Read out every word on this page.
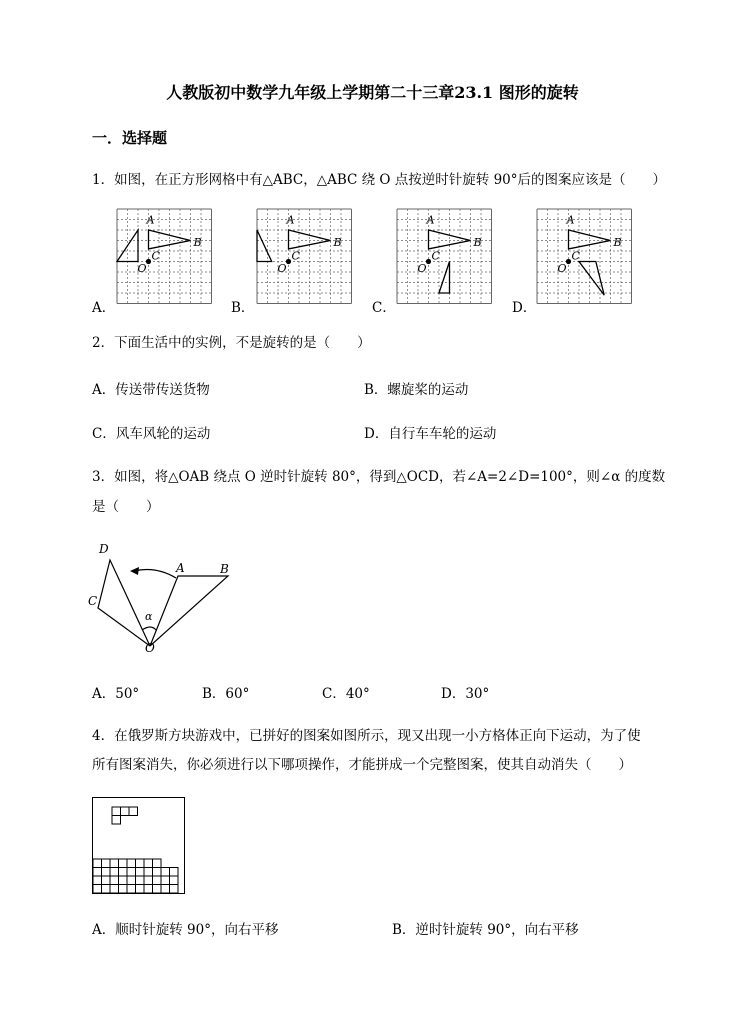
人教版初中数学九年级上学期第二十三章23.1 图形的旋转
一．选择题
1．如图，在正方形网格中有△ABC，△ABC 绕 O 点按逆时针旋转 90°后的图案应该是（　　）
A．	B．	C．	D．
A
B
C
O
A
B
C
O
A
B
C
O
A
B
C
O
2．下面生活中的实例，不是旋转的是（　　）
A．传送带传送货物	B．螺旋桨的运动
C．风车风轮的运动	D．自行车车轮的运动
3．如图，将△OAB 绕点 O 逆时针旋转 80°，得到△OCD，若∠A=2∠D=100°，则∠α 的度数
是（　　）
D
C
A	B
O
α
A．50°	B．60°	C．40°	D．30°
4．在俄罗斯方块游戏中，已拼好的图案如图所示，现又出现一小方格体正向下运动，为了使
所有图案消失，你必须进行以下哪项操作，才能拼成一个完整图案，使其自动消失（　　）
A．顺时针旋转 90°，向右平移	B．逆时针旋转 90°，向右平移
